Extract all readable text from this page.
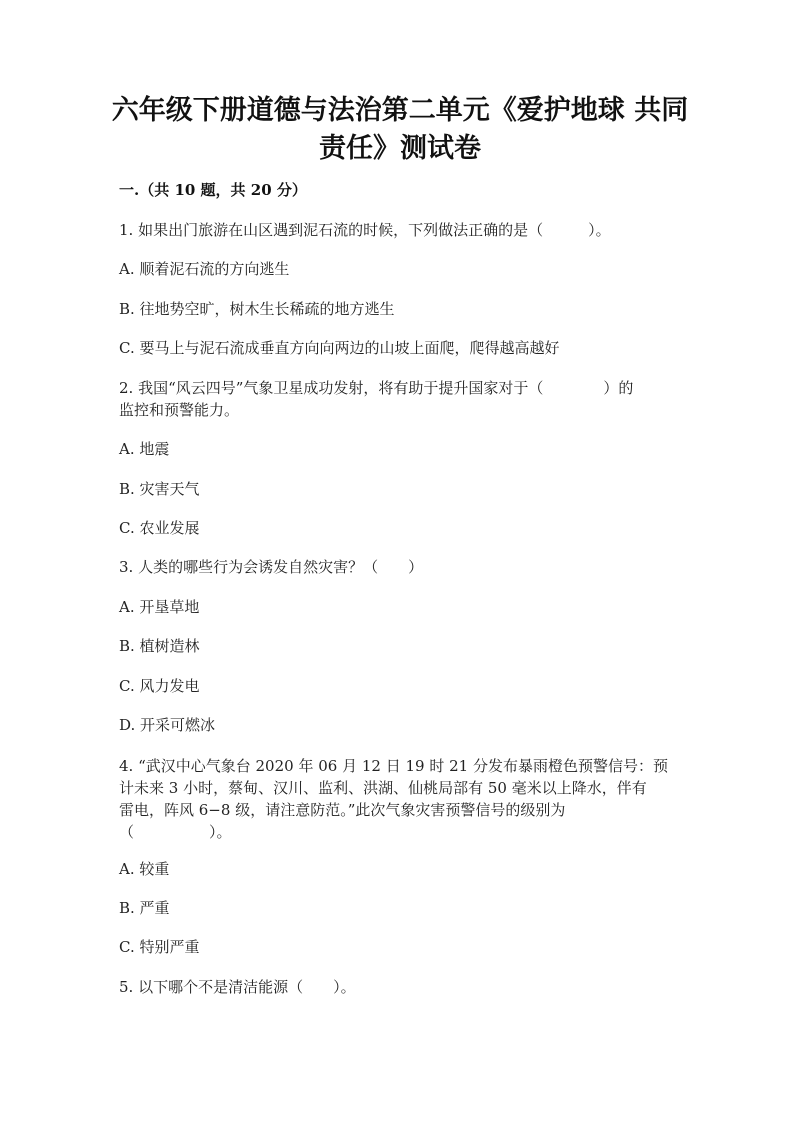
六年级下册道德与法治第二单元《爱护地球 共同责任》测试卷
一.（共 10 题，共 20 分）
1. 如果出门旅游在山区遇到泥石流的时候，下列做法正确的是（　　　）。
A. 顺着泥石流的方向逃生
B. 往地势空旷，树木生长稀疏的地方逃生
C. 要马上与泥石流成垂直方向向两边的山坡上面爬，爬得越高越好
2. 我国“风云四号”气象卫星成功发射，将有助于提升国家对于（　　　　）的
监控和预警能力。
A. 地震
B. 灾害天气
C. 农业发展
3. 人类的哪些行为会诱发自然灾害？（　　）
A. 开垦草地
B. 植树造林
C. 风力发电
D. 开采可燃冰
4. “武汉中心气象台 2020 年 06 月 12 日 19 时 21 分发布暴雨橙色预警信号：预
计未来 3 小时，蔡甸、汉川、监利、洪湖、仙桃局部有 50 毫米以上降水，伴有
雷电，阵风 6−8 级，请注意防范。”此次气象灾害预警信号的级别为
（　　　　　）。
A. 较重
B. 严重
C. 特别严重
5. 以下哪个不是清洁能源（　　）。
